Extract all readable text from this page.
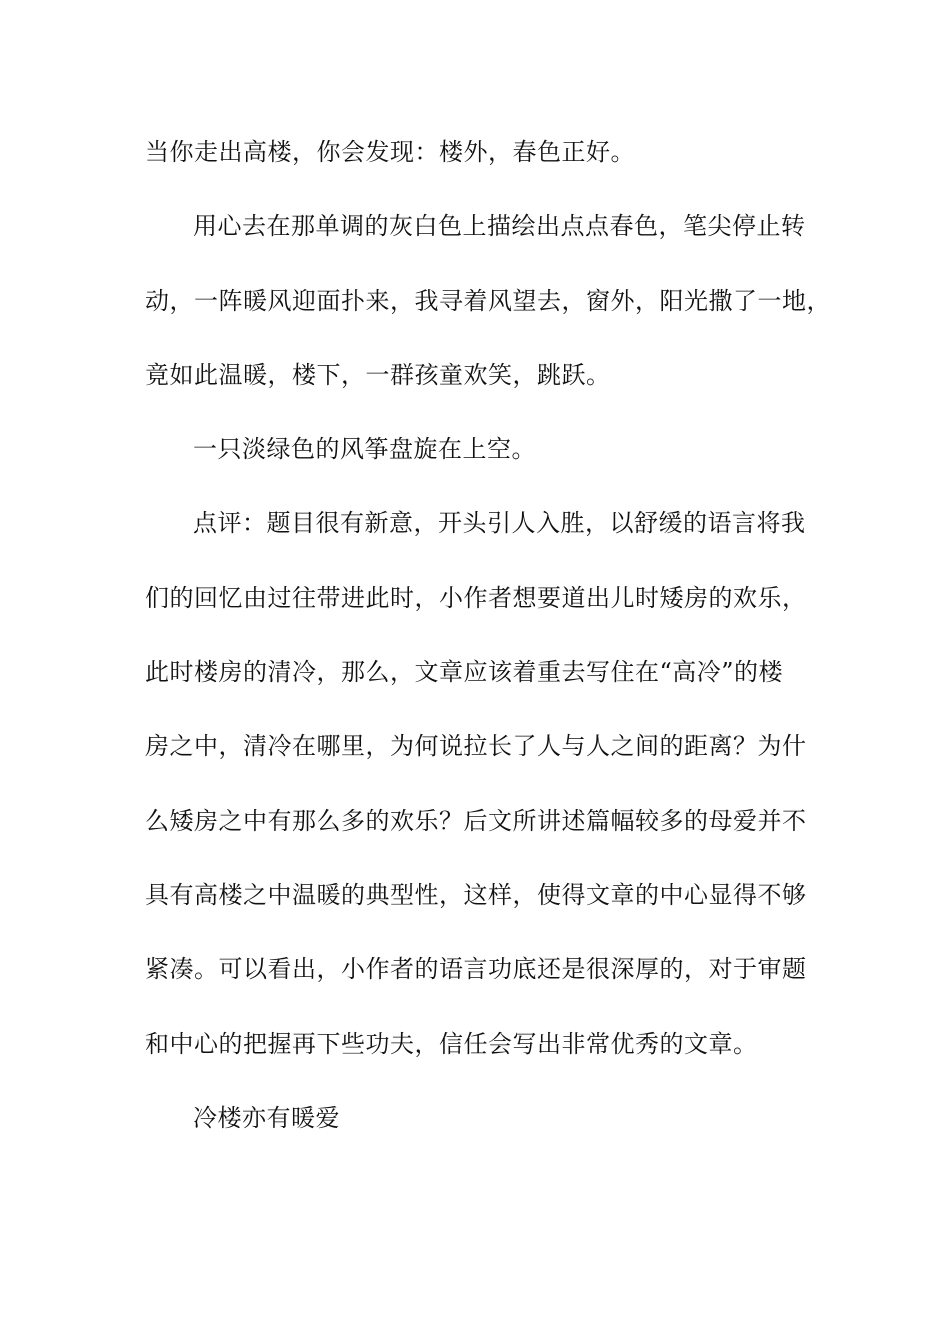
当你走出高楼，你会发现：楼外，春色正好。
用心去在那单调的灰白色上描绘出点点春色，笔尖停止转
动，一阵暖风迎面扑来，我寻着风望去，窗外，阳光撒了一地，
竟如此温暖，楼下，一群孩童欢笑，跳跃。
一只淡绿色的风筝盘旋在上空。
点评：题目很有新意，开头引人入胜，以舒缓的语言将我
们的回忆由过往带进此时，小作者想要道出儿时矮房的欢乐，
此时楼房的清冷，那么，文章应该着重去写住在“高冷”的楼
房之中，清冷在哪里，为何说拉长了人与人之间的距离？为什
么矮房之中有那么多的欢乐？后文所讲述篇幅较多的母爱并不
具有高楼之中温暖的典型性，这样，使得文章的中心显得不够
紧凑。可以看出，小作者的语言功底还是很深厚的，对于审题
和中心的把握再下些功夫，信任会写出非常优秀的文章。
冷楼亦有暖爱
